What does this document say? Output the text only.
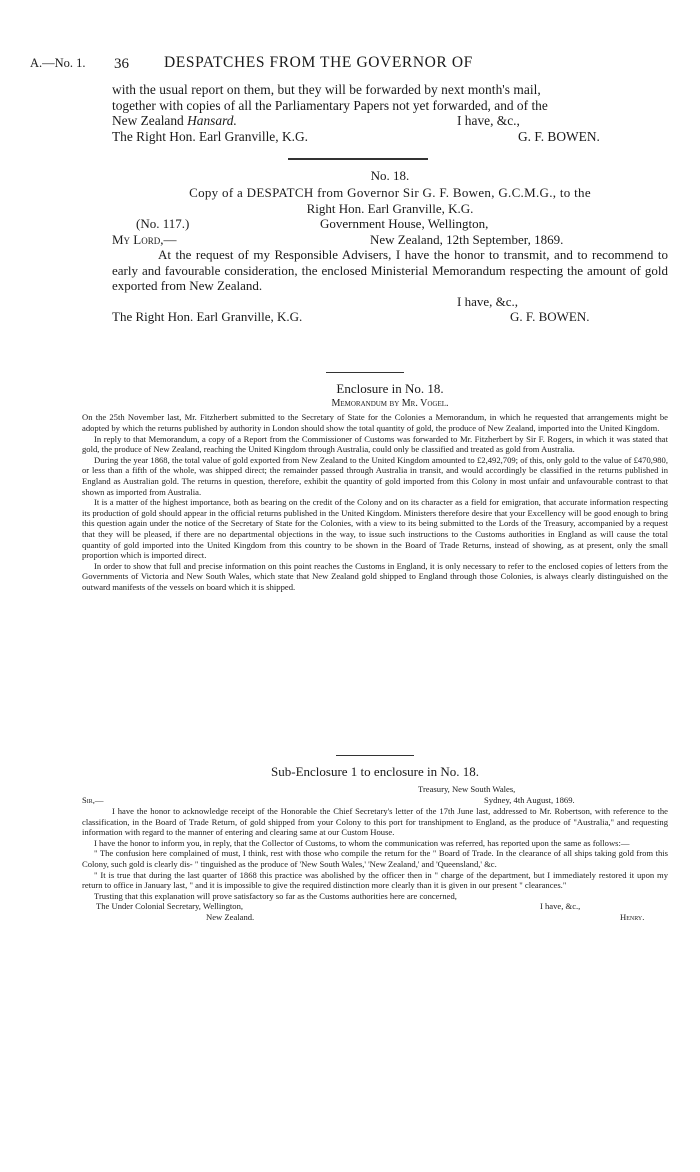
A.—No. 1. 36 DESPATCHES FROM THE GOVERNOR OF

with the usual report on them, but they will be forwarded by next month's mail,

together with copies of all the Parliamentary Papers not yet forwarded, and of the

New Zealand Hansard.	I have, &c.,
The Right Hon. Earl Granville, K.G.	G. F. BOWEN.

No. 18.

Copy of a DESPATCH from Governor Sir G. F. Bowen, G.C.M.G., to the

Right Hon. Earl Granville, K.G.

(No. 117.)	Government House, Wellington,
My Lord,—	New Zealand, 12th September, 1869.

At the request of my Responsible Advisers, I have the honor to transmit, and to recommend to early and favourable consideration, the enclosed Ministerial Memorandum respecting the amount of gold exported from New Zealand.

I have, &c.,
The Right Hon. Earl Granville, K.G.	G. F. BOWEN.

Enclosure in No. 18.

Memorandum by Mr. Vogel.

On the 25th November last, Mr. Fitzherbert submitted to the Secretary of State for the Colonies a Memorandum, in which he requested that arrangements might be adopted by which the returns published by authority in London should show the total quantity of gold, the produce of New Zealand, imported into the United Kingdom.

In reply to that Memorandum, a copy of a Report from the Commissioner of Customs was forwarded to Mr. Fitzherbert by Sir F. Rogers, in which it was stated that gold, the produce of New Zealand, reaching the United Kingdom through Australia, could only be classified and treated as gold from Australia.

During the year 1868, the total value of gold exported from New Zealand to the United Kingdom amounted to £2,492,709; of this, only gold to the value of £470,980, or less than a fifth of the whole, was shipped direct; the remainder passed through Australia in transit, and would accordingly be classified in the returns published in England as Australian gold. The returns in question, therefore, exhibit the quantity of gold imported from this Colony in most unfair and unfavourable contrast to that shown as imported from Australia.

It is a matter of the highest importance, both as bearing on the credit of the Colony and on its character as a field for emigration, that accurate information respecting its production of gold should appear in the official returns published in the United Kingdom. Ministers therefore desire that your Excellency will be good enough to bring this question again under the notice of the Secretary of State for the Colonies, with a view to its being submitted to the Lords of the Treasury, accompanied by a request that they will be pleased, if there are no departmental objections in the way, to issue such instructions to the Customs authorities in England as will cause the total quantity of gold imported into the United Kingdom from this country to be shown in the Board of Trade Returns, instead of showing, as at present, only the small proportion which is imported direct.

In order to show that full and precise information on this point reaches the Customs in England, it is only necessary to refer to the enclosed copies of letters from the Governments of Victoria and New South Wales, which state that New Zealand gold shipped to England through those Colonies, is always clearly distinguished on the outward manifests of the vessels on board which it is shipped.

Sub-Enclosure 1 to enclosure in No. 18.

Treasury, New South Wales,
Sir,—	Sydney, 4th August, 1869.

I have the honor to acknowledge receipt of the Honorable the Chief Secretary's letter of the 17th June last, addressed to Mr. Robertson, with reference to the classification, in the Board of Trade Return, of gold shipped from your Colony to this port for transhipment to England, as the produce of "Australia," and requesting information with regard to the manner of entering and clearing same at our Custom House.

I have the honor to inform you, in reply, that the Collector of Customs, to whom the communication was referred, has reported upon the same as follows:—

" The confusion here complained of must, I think, rest with those who compile the return for the " Board of Trade. In the clearance of all ships taking gold from this Colony, such gold is clearly dis- " tinguished as the produce of 'New South Wales,' 'New Zealand,' and 'Queensland,' &c.

" It is true that during the last quarter of 1868 this practice was abolished by the officer then in " charge of the department, but I immediately restored it upon my return to office in January last, " and it is impossible to give the required distinction more clearly than it is given in our present " clearances."

Trusting that this explanation will prove satisfactory so far as the Customs authorities here are concerned,

The Under Colonial Secretary, Wellington,	I have, &c.,
New Zealand.	Henry.
